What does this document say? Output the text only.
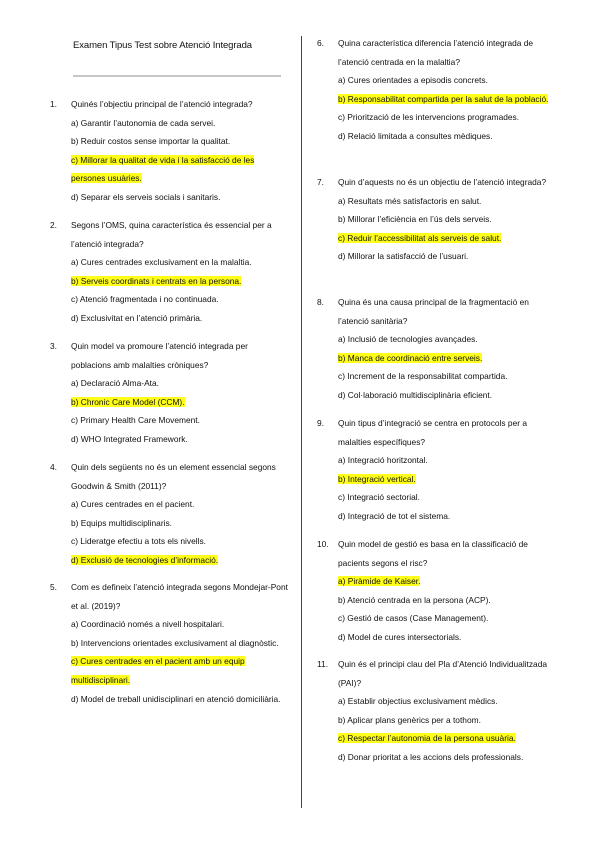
Examen Tipus Test sobre Atenció Integrada
1.	Quinés l’objectiu principal de l’atenció integrada?
a) Garantir l’autonomia de cada servei.
b) Reduir costos sense importar la qualitat.
c) Millorar la qualitat de vida i la satisfacció de les persones usuàries.
d) Separar els serveis socials i sanitaris.
2.	Segons l’OMS, quina característica és essencial per a l’atenció integrada?
a) Cures centrades exclusivament en la malaltia.
b) Serveis coordinats i centrats en la persona.
c) Atenció fragmentada i no continuada.
d) Exclusivitat en l’atenció primària.
3.	Quin model va promoure l’atenció integrada per poblacions amb malalties cròniques?
a) Declaració Alma-Ata.
b) Chronic Care Model (CCM).
c) Primary Health Care Movement.
d) WHO Integrated Framework.
4.	Quin dels següents no és un element essencial segons Goodwin & Smith (2011)?
a) Cures centrades en el pacient.
b) Equips multidisciplinaris.
c) Lideratge efectiu a tots els nivells.
d) Exclusió de tecnologies d’informació.
5.	Com es defineix l’atenció integrada segons Mondejar-Pont et al. (2019)?
a) Coordinació només a nivell hospitalari.
b) Intervencions orientades exclusivament al diagnòstic.
c) Cures centrades en el pacient amb un equip multidisciplinari.
d) Model de treball unidisciplinari en atenció domiciliària.
6.	Quina característica diferencia l’atenció integrada de l’atenció centrada en la malaltia?
a) Cures orientades a episodis concrets.
b) Responsabilitat compartida per la salut de la població.
c) Priorització de les intervencions programades.
d) Relació limitada a consultes mèdiques.
7.	Quin d’aquests no és un objectiu de l’atenció integrada?
a) Resultats més satisfactoris en salut.
b) Millorar l’eficiència en l’ús dels serveis.
c) Reduir l’accessibilitat als serveis de salut.
d) Millorar la satisfacció de l’usuari.
8.	Quina és una causa principal de la fragmentació en l’atenció sanitària?
a) Inclusió de tecnologies avançades.
b) Manca de coordinació entre serveis.
c) Increment de la responsabilitat compartida.
d) Col·laboració multidisciplinària eficient.
9.	Quin tipus d’integració se centra en protocols per a malalties específiques?
a) Integració horitzontal.
b) Integració vertical.
c) Integració sectorial.
d) Integració de tot el sistema.
10.	Quin model de gestió es basa en la classificació de pacients segons el risc?
a) Piràmide de Kaiser.
b) Atenció centrada en la persona (ACP).
c) Gestió de casos (Case Management).
d) Model de cures intersectorials.
11.	Quin és el principi clau del Pla d’Atenció Individualitzada (PAI)?
a) Establir objectius exclusivament mèdics.
b) Aplicar plans genèrics per a tothom.
c) Respectar l’autonomia de la persona usuària.
d) Donar prioritat a les accions dels professionals.
